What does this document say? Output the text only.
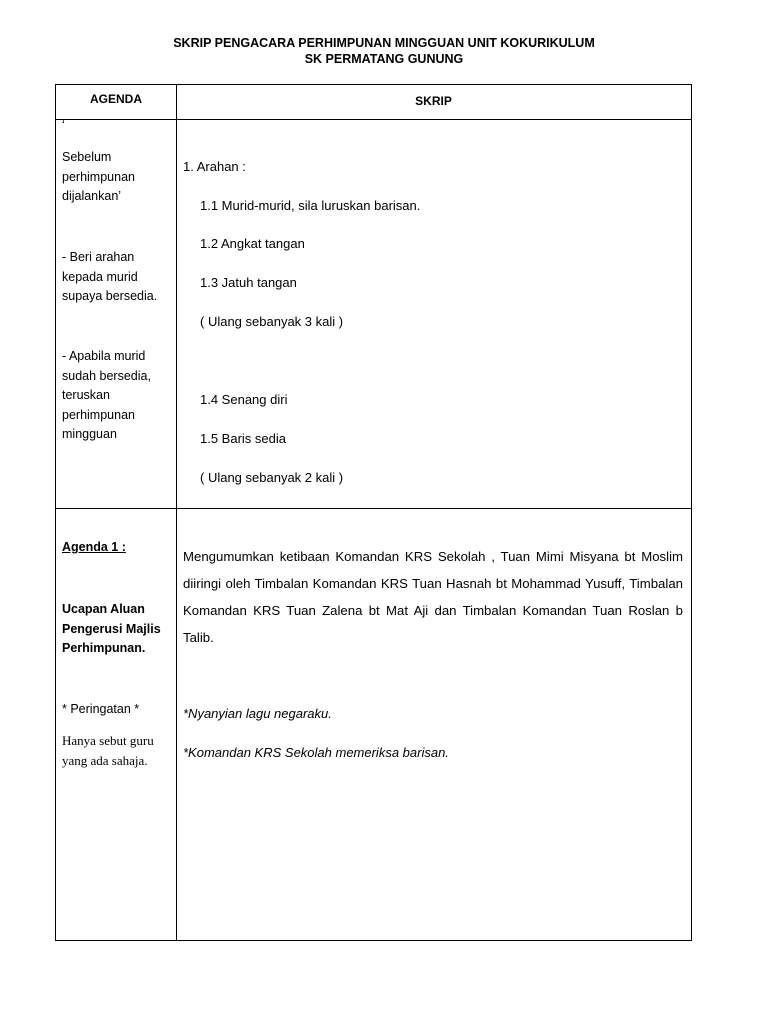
SKRIP PENGACARA PERHIMPUNAN MINGGUAN UNIT KOKURIKULUM
SK PERMATANG GUNUNG
AGENDA	SKRIP
‘
Sebelum
perhimpunan
dijalankan’
- Beri arahan
kepada murid
supaya bersedia.
- Apabila murid
sudah bersedia,
teruskan
perhimpunan
mingguan
1. Arahan :
1.1 Murid-murid, sila luruskan barisan.
1.2 Angkat tangan
1.3 Jatuh tangan
( Ulang sebanyak 3 kali )
1.4 Senang diri
1.5 Baris sedia
( Ulang sebanyak 2 kali )
Agenda 1 :
Ucapan Aluan
Pengerusi Majlis
Perhimpunan.
* Peringatan *
Hanya sebut guru
yang ada sahaja.
Mengumumkan ketibaan Komandan KRS Sekolah , Tuan Mimi Misyana bt Moslim diiringi oleh Timbalan Komandan KRS Tuan Hasnah bt Mohammad Yusuff, Timbalan Komandan KRS Tuan Zalena bt Mat Aji dan Timbalan Komandan Tuan Roslan b Talib.
*Nyanyian lagu negaraku.
*Komandan KRS Sekolah memeriksa barisan.
